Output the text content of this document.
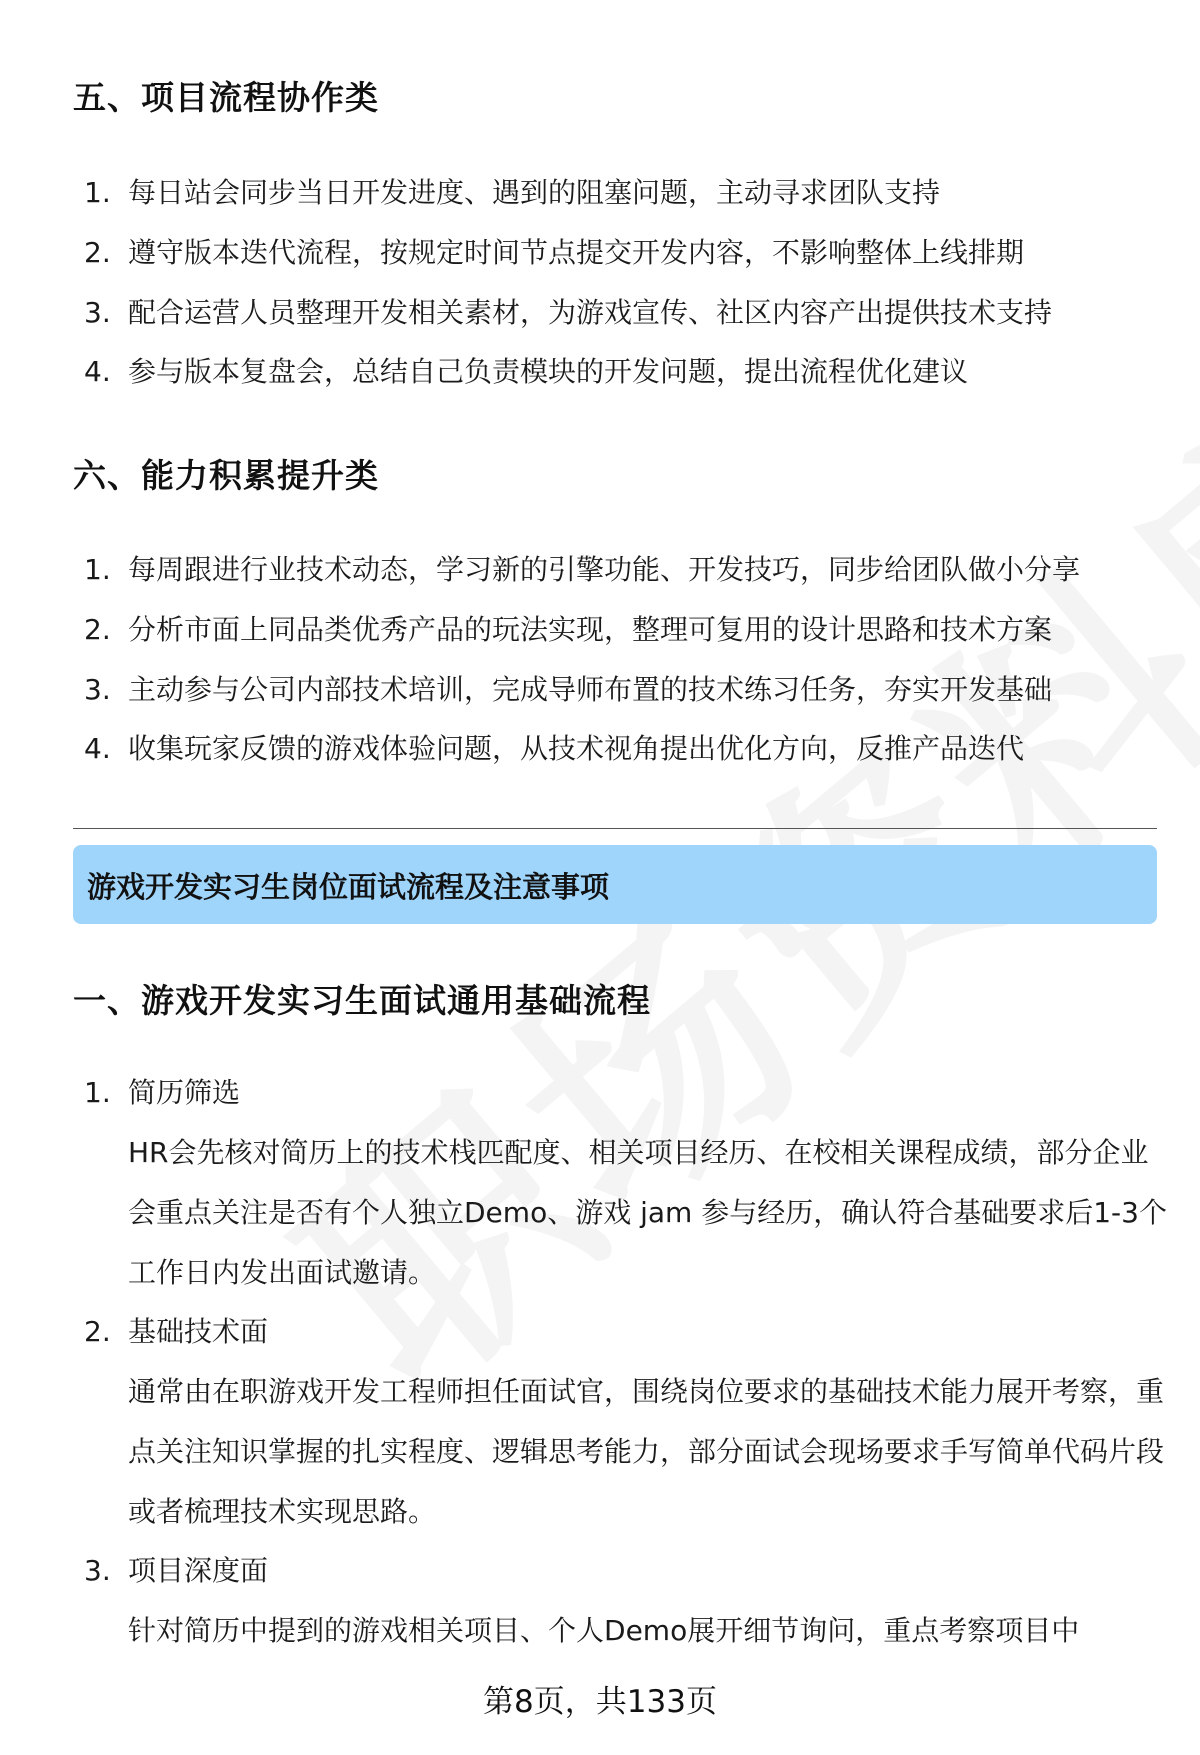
五、项目流程协作类
1. 每日站会同步当日开发进度、遇到的阻塞问题，主动寻求团队支持
2. 遵守版本迭代流程，按规定时间节点提交开发内容，不影响整体上线排期
3. 配合运营人员整理开发相关素材，为游戏宣传、社区内容产出提供技术支持
4. 参与版本复盘会，总结自己负责模块的开发问题，提出流程优化建议
六、能力积累提升类
1. 每周跟进行业技术动态，学习新的引擎功能、开发技巧，同步给团队做小分享
2. 分析市面上同品类优秀产品的玩法实现，整理可复用的设计思路和技术方案
3. 主动参与公司内部技术培训，完成导师布置的技术练习任务，夯实开发基础
4. 收集玩家反馈的游戏体验问题，从技术视角提出优化方向，反推产品迭代
游戏开发实习生岗位面试流程及注意事项
一、游戏开发实习生面试通用基础流程
1. 简历筛选
HR会先核对简历上的技术栈匹配度、相关项目经历、在校相关课程成绩，部分企业会重点关注是否有个人独立Demo、游戏 jam 参与经历，确认符合基础要求后1-3个工作日内发出面试邀请。
2. 基础技术面
通常由在职游戏开发工程师担任面试官，围绕岗位要求的基础技术能力展开考察，重点关注知识掌握的扎实程度、逻辑思考能力，部分面试会现场要求手写简单代码片段或者梳理技术实现思路。
3. 项目深度面
针对简历中提到的游戏相关项目、个人Demo展开细节询问，重点考察项目中
第8页，共133页
